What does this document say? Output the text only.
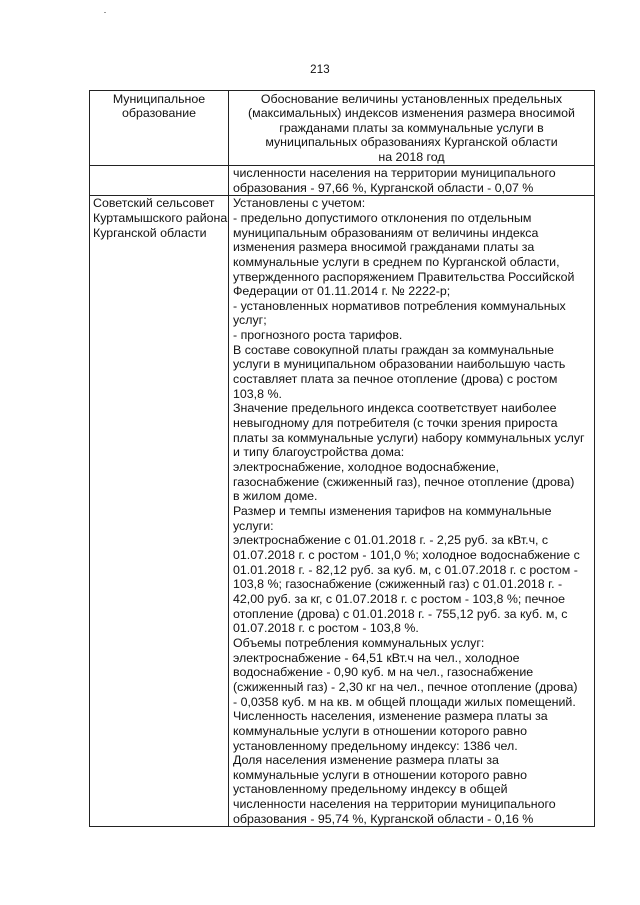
213
Муниципальное
образование
Обоснование величины установленных предельных
(максимальных) индексов изменения размера вносимой
гражданами платы за коммунальные услуги в
муниципальных образованиях Курганской области
на 2018 год
численности населения на территории муниципального
образования - 97,66 %, Курганской области - 0,07 %
Советский сельсовет
Куртамышского района
Курганской области
Установлены с учетом:
- предельно допустимого отклонения по отдельным
муниципальным образованиям от величины индекса
изменения размера вносимой гражданами платы за
коммунальные услуги в среднем по Курганской области,
утвержденного распоряжением Правительства Российской
Федерации от 01.11.2014 г. № 2222-р;
- установленных нормативов потребления коммунальных
услуг;
- прогнозного роста тарифов.
В составе совокупной платы граждан за коммунальные
услуги в муниципальном образовании наибольшую часть
составляет плата за печное отопление (дрова) с ростом
103,8 %.
Значение предельного индекса соответствует наиболее
невыгодному для потребителя (с точки зрения прироста
платы за коммунальные услуги) набору коммунальных услуг
и типу благоустройства дома:
электроснабжение, холодное водоснабжение,
газоснабжение (сжиженный газ), печное отопление (дрова)
в жилом доме.
Размер и темпы изменения тарифов на коммунальные
услуги:
электроснабжение с 01.01.2018 г. - 2,25 руб. за кВт.ч, с
01.07.2018 г. с ростом - 101,0 %; холодное водоснабжение с
01.01.2018 г. - 82,12 руб. за куб. м, с 01.07.2018 г. с ростом -
103,8 %; газоснабжение (сжиженный газ) с 01.01.2018 г. -
42,00 руб. за кг, с 01.07.2018 г. с ростом - 103,8 %; печное
отопление (дрова) с 01.01.2018 г. - 755,12 руб. за куб. м, с
01.07.2018 г. с ростом - 103,8 %.
Объемы потребления коммунальных услуг:
электроснабжение - 64,51 кВт.ч на чел., холодное
водоснабжение - 0,90 куб. м на чел., газоснабжение
(сжиженный газ) - 2,30 кг на чел., печное отопление (дрова)
- 0,0358 куб. м на кв. м общей площади жилых помещений.
Численность населения, изменение размера платы за
коммунальные услуги в отношении которого равно
установленному предельному индексу: 1386 чел.
Доля населения изменение размера платы за
коммунальные услуги в отношении которого равно
установленному предельному индексу в общей
численности населения на территории муниципального
образования - 95,74 %, Курганской области - 0,16 %
